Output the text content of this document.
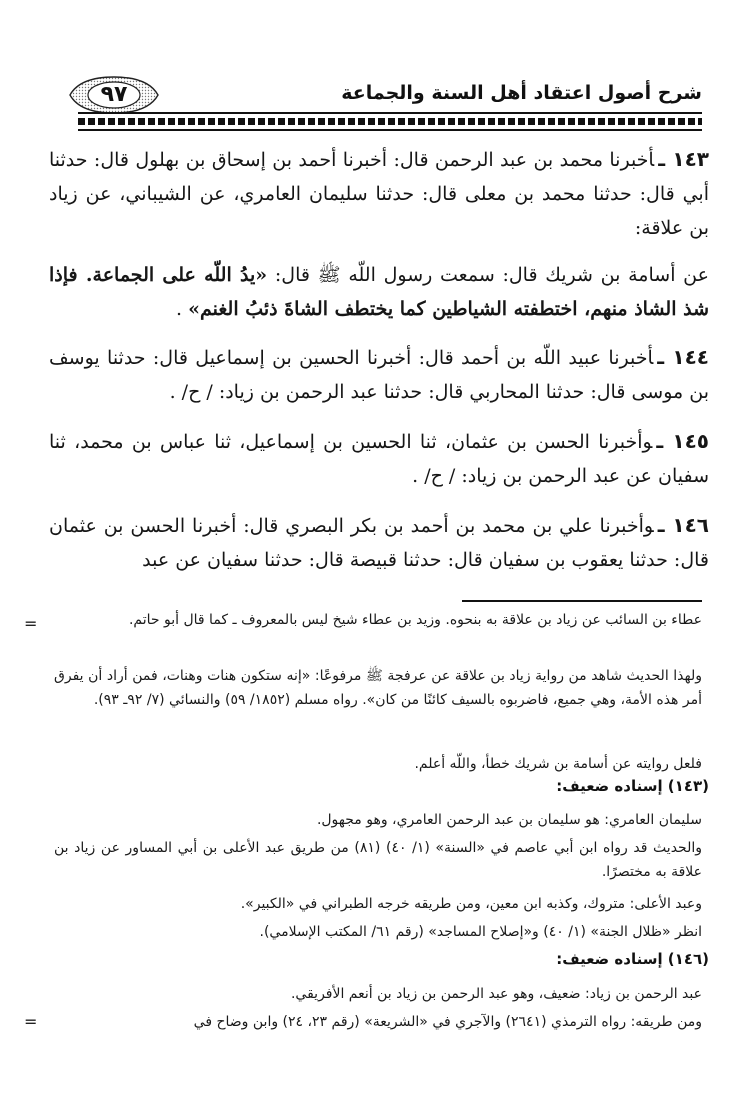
شرح أصول اعتقاد أهل السنة والجماعة
٩٧
١٤٣ ـأخبرنا محمد بن عبد الرحمن قال: أخبرنا أحمد بن إسحاق بن بهلول قال: حدثنا أبي قال: حدثنا محمد بن معلى قال: حدثنا سليمان العامري، عن الشيباني، عن زياد بن علاقة:
عن أسامة بن شريك قال: سمعت رسول اللّه ﷺ قال: «يدُ اللّه على الجماعة. فإذا شذ الشاذ منهم، اختطفته الشياطين كما يختطف الشاةَ ذئبُ الغنم» .
١٤٤ ـأخبرنا عبيد اللّه بن أحمد قال: أخبرنا الحسين بن إسماعيل قال: حدثنا يوسف بن موسى قال: حدثنا المحاربي قال: حدثنا عبد الرحمن بن زياد: / ح/ .
١٤٥ ـوأخبرنا الحسن بن عثمان، ثنا الحسين بن إسماعيل، ثنا عباس بن محمد، ثنا سفيان عن عبد الرحمن بن زياد: / ح/ .
١٤٦ ـوأخبرنا علي بن محمد بن أحمد بن بكر البصري قال: أخبرنا الحسن بن عثمان قال: حدثنا يعقوب بن سفيان قال: حدثنا قبيصة قال: حدثنا سفيان عن عبد
=	عطاء بن السائب عن زياد بن علاقة به بنحوه. وزيد بن عطاء شيخ ليس بالمعروف ـ كما قال أبو حاتم.
ولهذا الحديث شاهد من رواية زياد بن علاقة عن عرفجة ﷺ مرفوعًا: «إنه ستكون هنات وهنات، فمن أراد أن يفرق أمر هذه الأمة، وهي جميع، فاضربوه بالسيف كائنًا من كان». رواه مسلم (١٨٥٢/ ٥٩) والنسائي (٧/ ٩٢ـ ٩٣).
فلعل روايته عن أسامة بن شريك خطأ، واللّه أعلم.
(١٤٣) إسناده ضعيف:
سليمان العامري: هو سليمان بن عبد الرحمن العامري، وهو مجهول.
والحديث قد رواه ابن أبي عاصم في «السنة» (١/ ٤٠) (٨١) من طريق عبد الأعلى بن أبي المساور عن زياد بن علاقة به مختصرًا.
وعبد الأعلى: متروك، وكذبه ابن معين، ومن طريقه خرجه الطبراني في «الكبير».
انظر «ظلال الجنة» (١/ ٤٠) و«إصلاح المساجد» (رقم ٦١/ المكتب الإسلامي).
(١٤٦) إسناده ضعيف:
عبد الرحمن بن زياد: ضعيف، وهو عبد الرحمن بن زياد بن أنعم الأفريقي.
ومن طريقه: رواه الترمذي (٢٦٤١) والآجري في «الشريعة» (رقم ٢٣، ٢٤) وابن وضاح في
=
